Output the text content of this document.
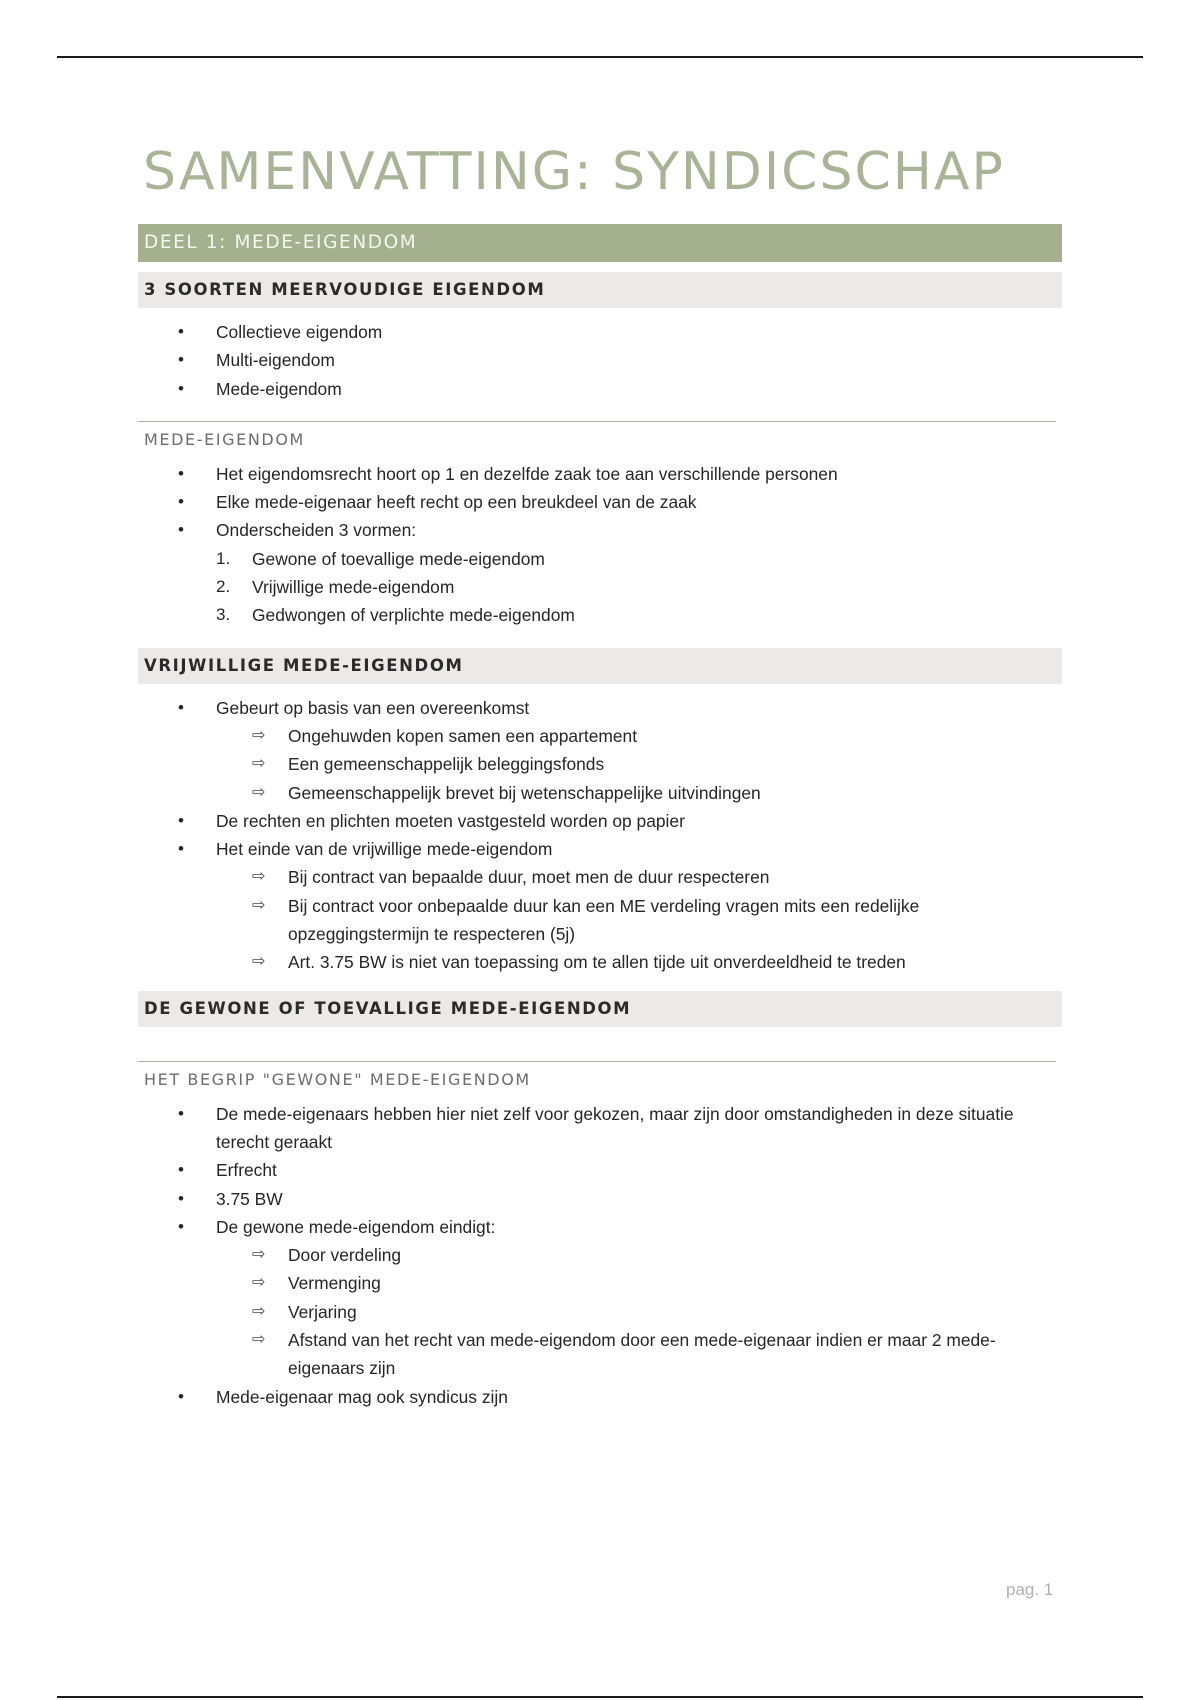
SAMENVATTING: SYNDICSCHAP
DEEL 1: MEDE-EIGENDOM
3 SOORTEN MEERVOUDIGE EIGENDOM
•	Collectieve eigendom
•	Multi-eigendom
•	Mede-eigendom
MEDE-EIGENDOM
•	Het eigendomsrecht hoort op 1 en dezelfde zaak toe aan verschillende personen
•	Elke mede-eigenaar heeft recht op een breukdeel van de zaak
•	Onderscheiden 3 vormen:
1.	Gewone of toevallige mede-eigendom
2.	Vrijwillige mede-eigendom
3.	Gedwongen of verplichte mede-eigendom
VRIJWILLIGE MEDE-EIGENDOM
•	Gebeurt op basis van een overeenkomst
⇨	Ongehuwden kopen samen een appartement
⇨	Een gemeenschappelijk beleggingsfonds
⇨	Gemeenschappelijk brevet bij wetenschappelijke uitvindingen
•	De rechten en plichten moeten vastgesteld worden op papier
•	Het einde van de vrijwillige mede-eigendom
⇨	Bij contract van bepaalde duur, moet men de duur respecteren
⇨	Bij contract voor onbepaalde duur kan een ME verdeling vragen mits een redelijke opzeggingstermijn te respecteren (5j)
⇨	Art. 3.75 BW is niet van toepassing om te allen tijde uit onverdeeldheid te treden
DE GEWONE OF TOEVALLIGE MEDE-EIGENDOM
HET BEGRIP "GEWONE" MEDE-EIGENDOM
•	De mede-eigenaars hebben hier niet zelf voor gekozen, maar zijn door omstandigheden in deze situatie terecht geraakt
•	Erfrecht
•	3.75 BW
•	De gewone mede-eigendom eindigt:
⇨	Door verdeling
⇨	Vermenging
⇨	Verjaring
⇨	Afstand van het recht van mede-eigendom door een mede-eigenaar indien er maar 2 mede-eigenaars zijn
•	Mede-eigenaar mag ook syndicus zijn
pag. 1
